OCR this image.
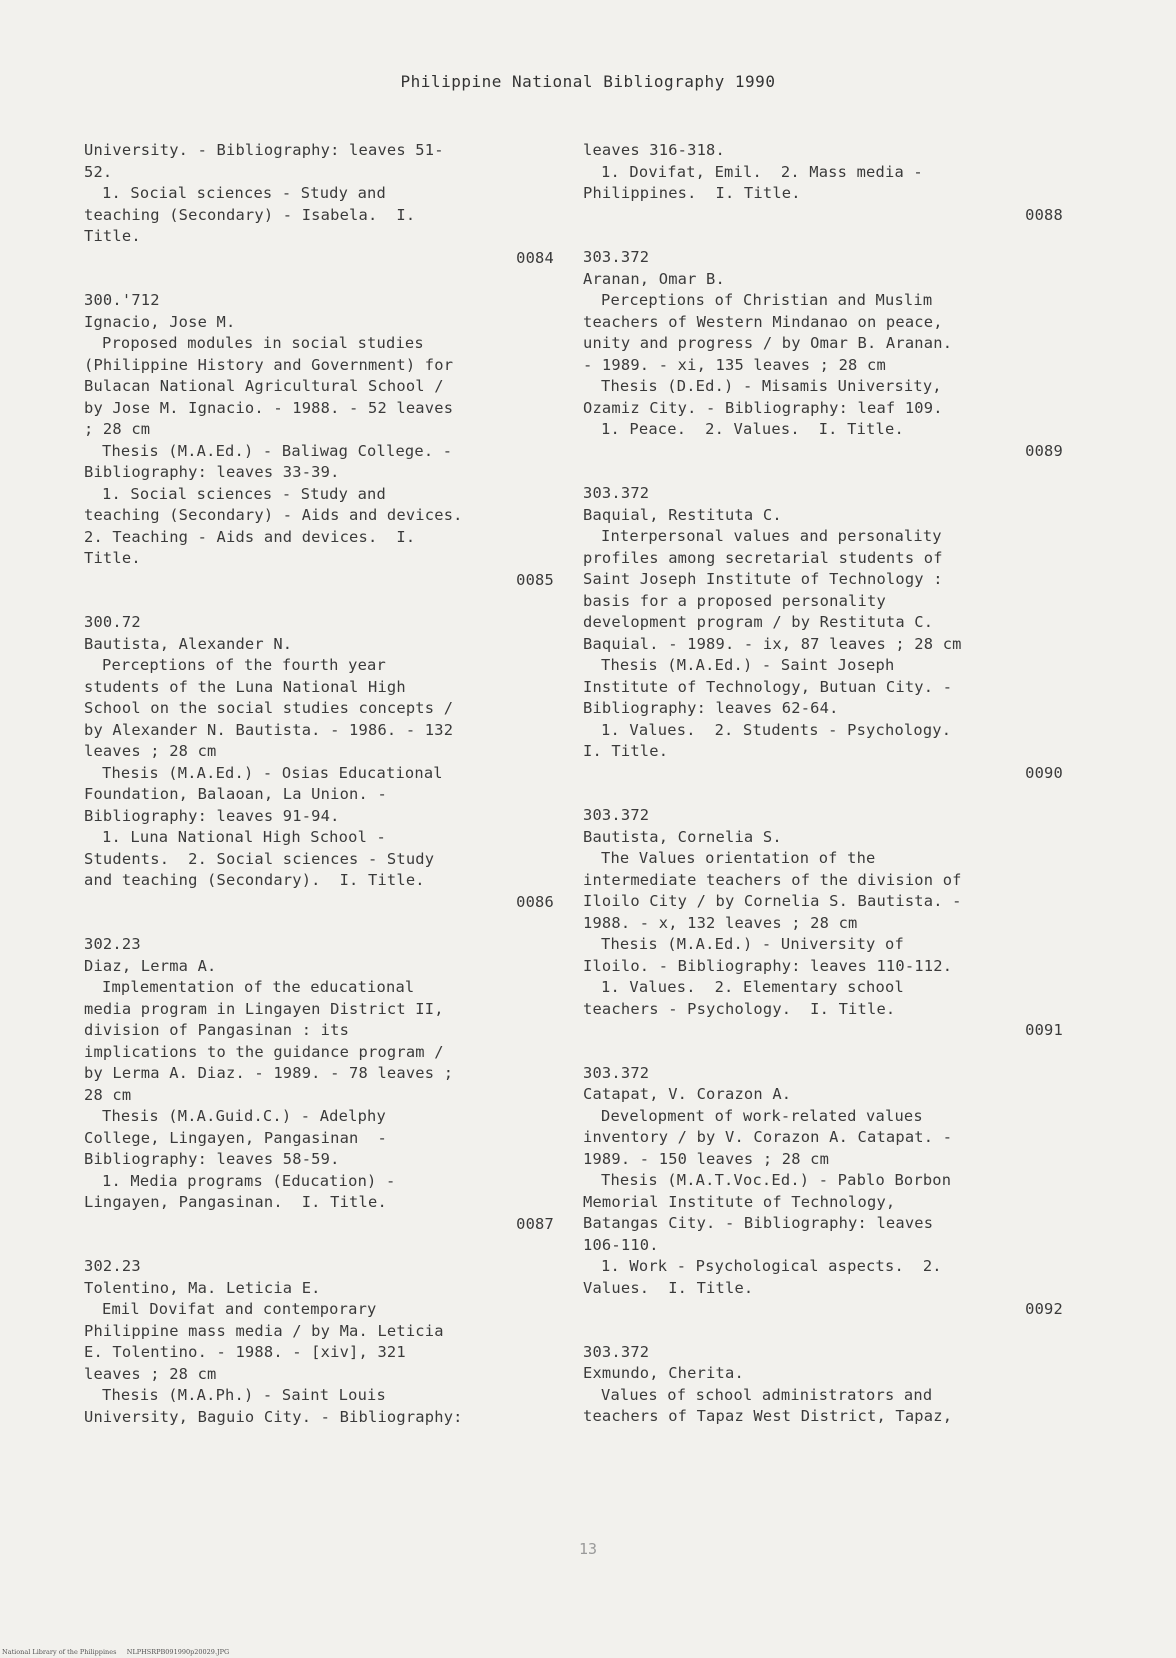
Philippine National Bibliography 1990
University. - Bibliography: leaves 51-
52.
1. Social sciences - Study and
teaching (Secondary) - Isabela.  I.
Title.
0084
300.'712
Ignacio, Jose M.
Proposed modules in social studies
(Philippine History and Government) for
Bulacan National Agricultural School /
by Jose M. Ignacio. - 1988. - 52 leaves
; 28 cm
Thesis (M.A.Ed.) - Baliwag College. -
Bibliography: leaves 33-39.
1. Social sciences - Study and
teaching (Secondary) - Aids and devices.
2. Teaching - Aids and devices.  I.
Title.
0085
300.72
Bautista, Alexander N.
Perceptions of the fourth year
students of the Luna National High
School on the social studies concepts /
by Alexander N. Bautista. - 1986. - 132
leaves ; 28 cm
Thesis (M.A.Ed.) - Osias Educational
Foundation, Balaoan, La Union. -
Bibliography: leaves 91-94.
1. Luna National High School -
Students.  2. Social sciences - Study
and teaching (Secondary).  I. Title.
0086
302.23
Diaz, Lerma A.
Implementation of the educational
media program in Lingayen District II,
division of Pangasinan : its
implications to the guidance program /
by Lerma A. Diaz. - 1989. - 78 leaves ;
28 cm
Thesis (M.A.Guid.C.) - Adelphy
College, Lingayen, Pangasinan  -
Bibliography: leaves 58-59.
1. Media programs (Education) -
Lingayen, Pangasinan.  I. Title.
0087
302.23
Tolentino, Ma. Leticia E.
Emil Dovifat and contemporary
Philippine mass media / by Ma. Leticia
E. Tolentino. - 1988. - [xiv], 321
leaves ; 28 cm
Thesis (M.A.Ph.) - Saint Louis
University, Baguio City. - Bibliography:
leaves 316-318.
1. Dovifat, Emil.  2. Mass media -
Philippines.  I. Title.
0088
303.372
Aranan, Omar B.
Perceptions of Christian and Muslim
teachers of Western Mindanao on peace,
unity and progress / by Omar B. Aranan.
- 1989. - xi, 135 leaves ; 28 cm
Thesis (D.Ed.) - Misamis University,
Ozamiz City. - Bibliography: leaf 109.
1. Peace.  2. Values.  I. Title.
0089
303.372
Baquial, Restituta C.
Interpersonal values and personality
profiles among secretarial students of
Saint Joseph Institute of Technology :
basis for a proposed personality
development program / by Restituta C.
Baquial. - 1989. - ix, 87 leaves ; 28 cm
Thesis (M.A.Ed.) - Saint Joseph
Institute of Technology, Butuan City. -
Bibliography: leaves 62-64.
1. Values.  2. Students - Psychology.
I. Title.
0090
303.372
Bautista, Cornelia S.
The Values orientation of the
intermediate teachers of the division of
Iloilo City / by Cornelia S. Bautista. -
1988. - x, 132 leaves ; 28 cm
Thesis (M.A.Ed.) - University of
Iloilo. - Bibliography: leaves 110-112.
1. Values.  2. Elementary school
teachers - Psychology.  I. Title.
0091
303.372
Catapat, V. Corazon A.
Development of work-related values
inventory / by V. Corazon A. Catapat. -
1989. - 150 leaves ; 28 cm
Thesis (M.A.T.Voc.Ed.) - Pablo Borbon
Memorial Institute of Technology,
Batangas City. - Bibliography: leaves
106-110.
1. Work - Psychological aspects.  2.
Values.  I. Title.
0092
303.372
Exmundo, Cherita.
Values of school administrators and
teachers of Tapaz West District, Tapaz,
13
National Library of the Philippines     NLPHSRPB091990p20029.JPG
